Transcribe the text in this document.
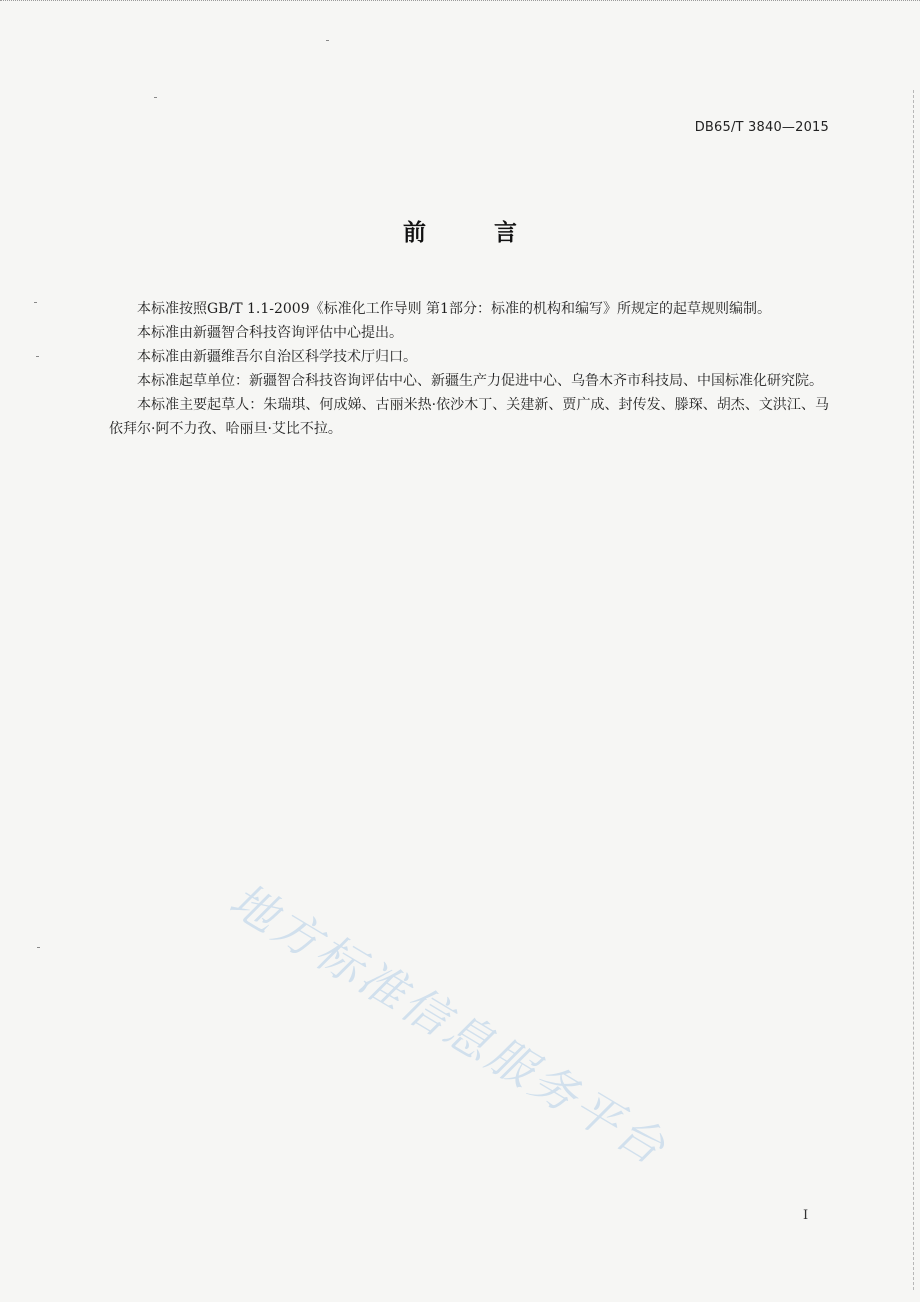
DB65/T 3840—2015
前 言

本标准按照GB/T 1.1-2009《标准化工作导则 第1部分：标准的机构和编写》所规定的起草规则编制。

本标准由新疆智合科技咨询评估中心提出。

本标准由新疆维吾尔自治区科学技术厅归口。

本标准起草单位：新疆智合科技咨询评估中心、新疆生产力促进中心、乌鲁木齐市科技局、中国标准化研究院。

本标准主要起草人：朱瑞琪、何成娣、古丽米热·依沙木丁、关建新、贾广成、封传发、滕琛、胡杰、文洪江、马依拜尔·阿不力孜、哈丽旦·艾比不拉。

地方标准信息服务平台
I
